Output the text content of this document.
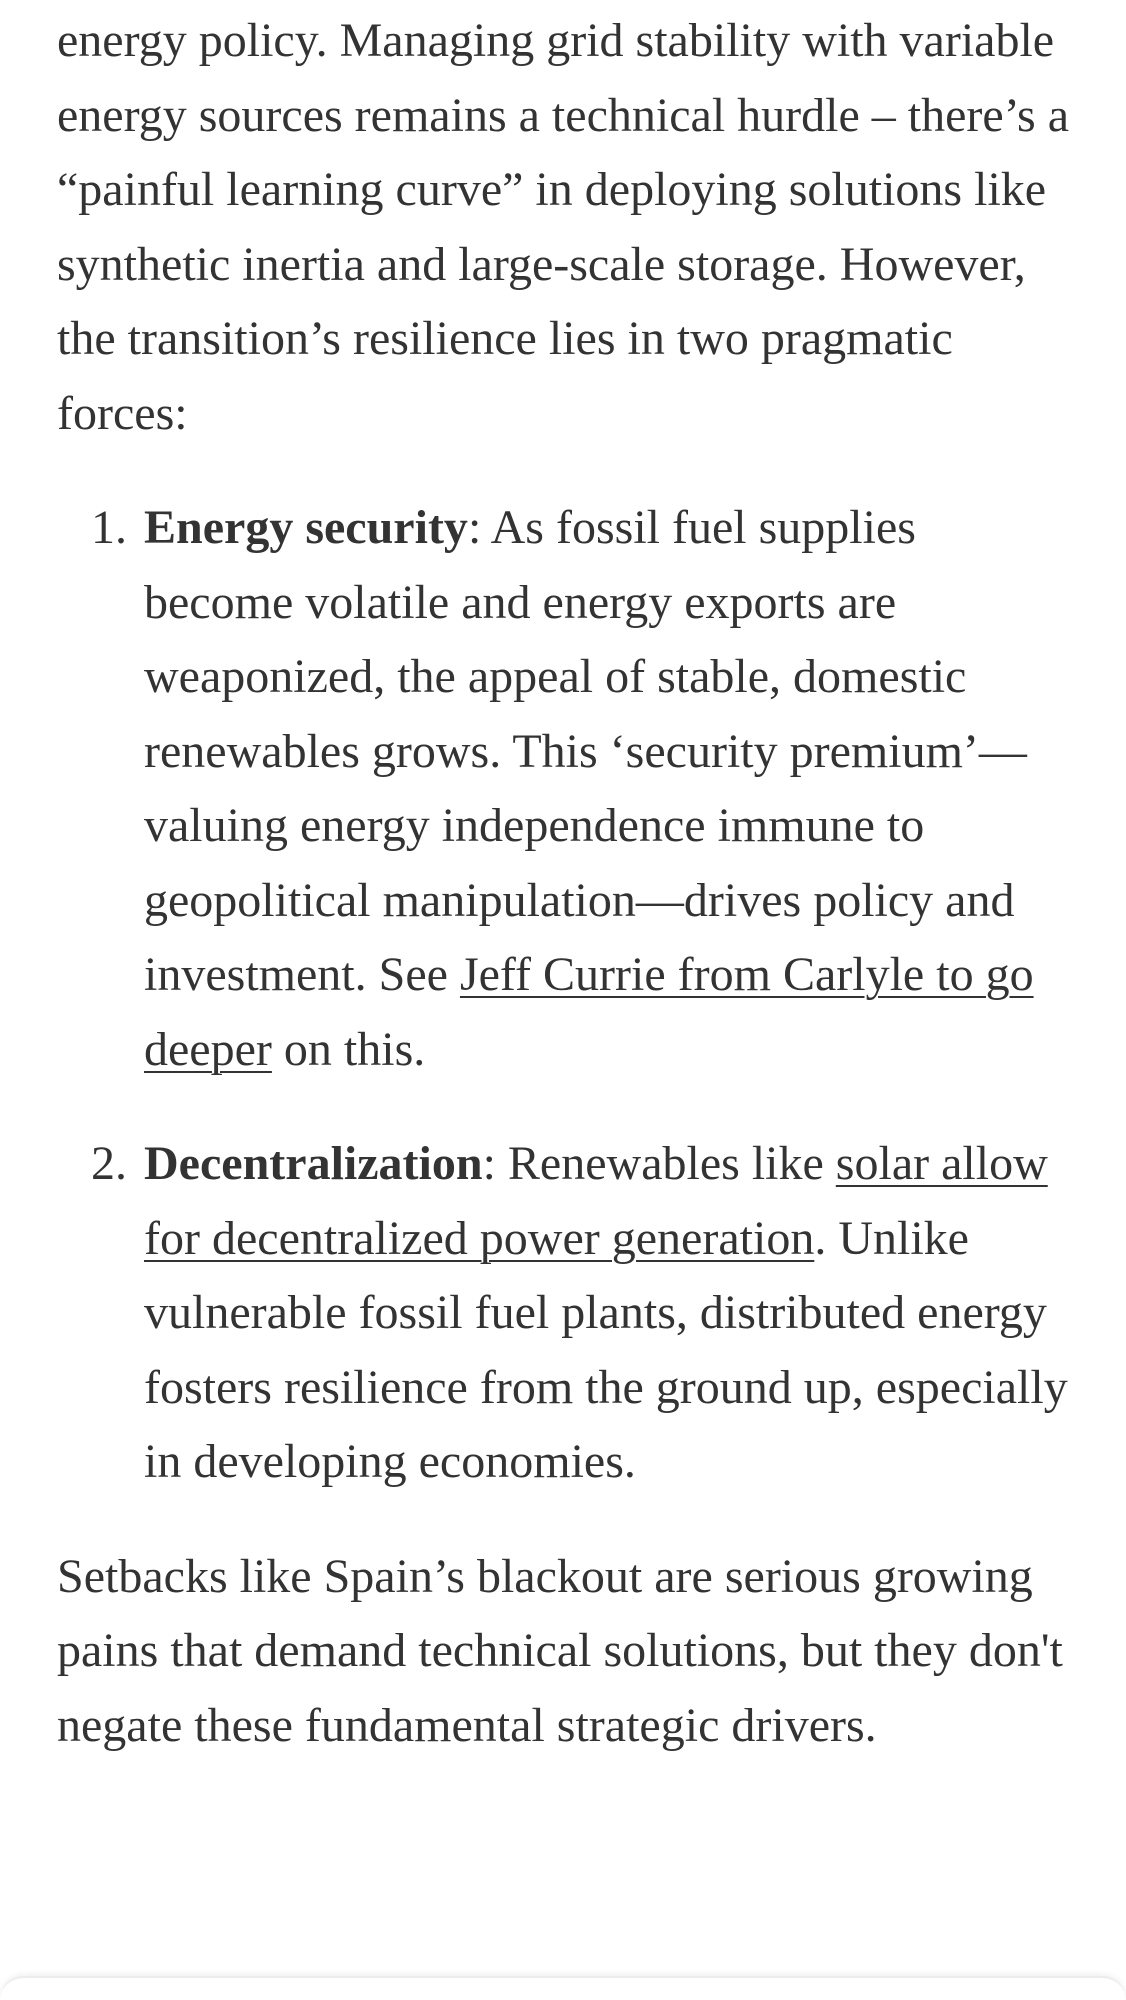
energy policy. Managing grid stability with variable energy sources remains a technical hurdle – there’s a “painful learning curve” in deploying solutions like synthetic inertia and large-scale storage. However, the transition’s resilience lies in two pragmatic forces:

1. Energy security: As fossil fuel supplies become volatile and energy exports are weaponized, the appeal of stable, domestic renewables grows. This ‘security premium’—valuing energy independence immune to geopolitical manipulation—drives policy and investment. See Jeff Currie from Carlyle to go deeper on this.
2. Decentralization: Renewables like solar allow for decentralized power generation. Unlike vulnerable fossil fuel plants, distributed energy fosters resilience from the ground up, especially in developing economies.

Setbacks like Spain’s blackout are serious growing pains that demand technical solutions, but they don't negate these fundamental strategic drivers.
